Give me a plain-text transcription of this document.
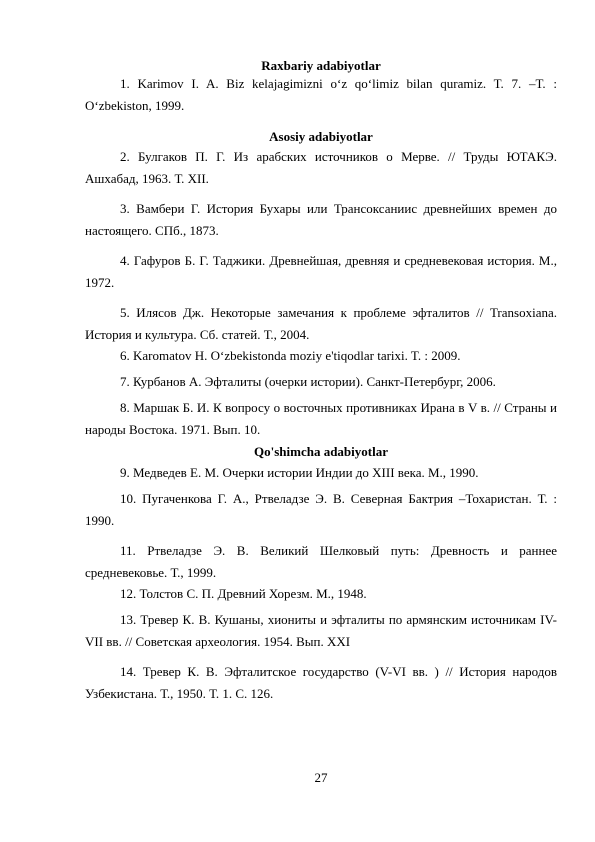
Raxbariy adabiyotlar
1. Karimov I. A. Biz kelajagimizni o‘z qo‘limiz bilan quramiz. T. 7. –T. : O‘zbekiston, 1999.
Asosiy adabiyotlar
2. Булгаков П. Г. Из арабских источников о Мерве. // Труды ЮТАКЭ. Ашхабад, 1963. Т. XII.
3. Вамбери Г. История Бухары или Трансоксаниис древнейших времен до настоящего. СПб., 1873.
4. Гафуров Б. Г. Таджики. Древнейшая, древняя и средневековая история. М., 1972.
5. Илясов Дж. Некоторые замечания к проблеме эфталитов // Transoxiana. История и культура. Сб. статей. Т., 2004.
6. Karomatov H. O‘zbekistonda moziy e'tiqodlar tarixi. T. : 2009.
7. Курбанов А. Эфталиты (очерки истории). Санкт-Петербург, 2006.
8. Маршак Б. И. К вопросу о восточных противниках Ирана в V в. // Страны и народы Востока. 1971. Вып. 10.
Qo'shimcha adabiyotlar
9. Медведев Е. М. Очерки истории Индии до XIII века. М., 1990.
10. Пугаченкова Г. А., Ртвеладзе Э. В. Северная Бактрия –Тохаристан. Т. : 1990.
11. Ртвеладзе Э. В. Великий Шелковый путь: Древность и раннее средневековье. Т., 1999.
12. Толстов С. П. Древний Хорезм. М., 1948.
13. Тревер К. В. Кушаны, хиониты и эфталиты по армянским источникам IV-VII вв. // Советская археология. 1954. Вып. XXI
14. Тревер К. В. Эфталитское государство (V-VI вв. ) // История народов Узбекистана. Т., 1950. Т. 1. С. 126.
27
